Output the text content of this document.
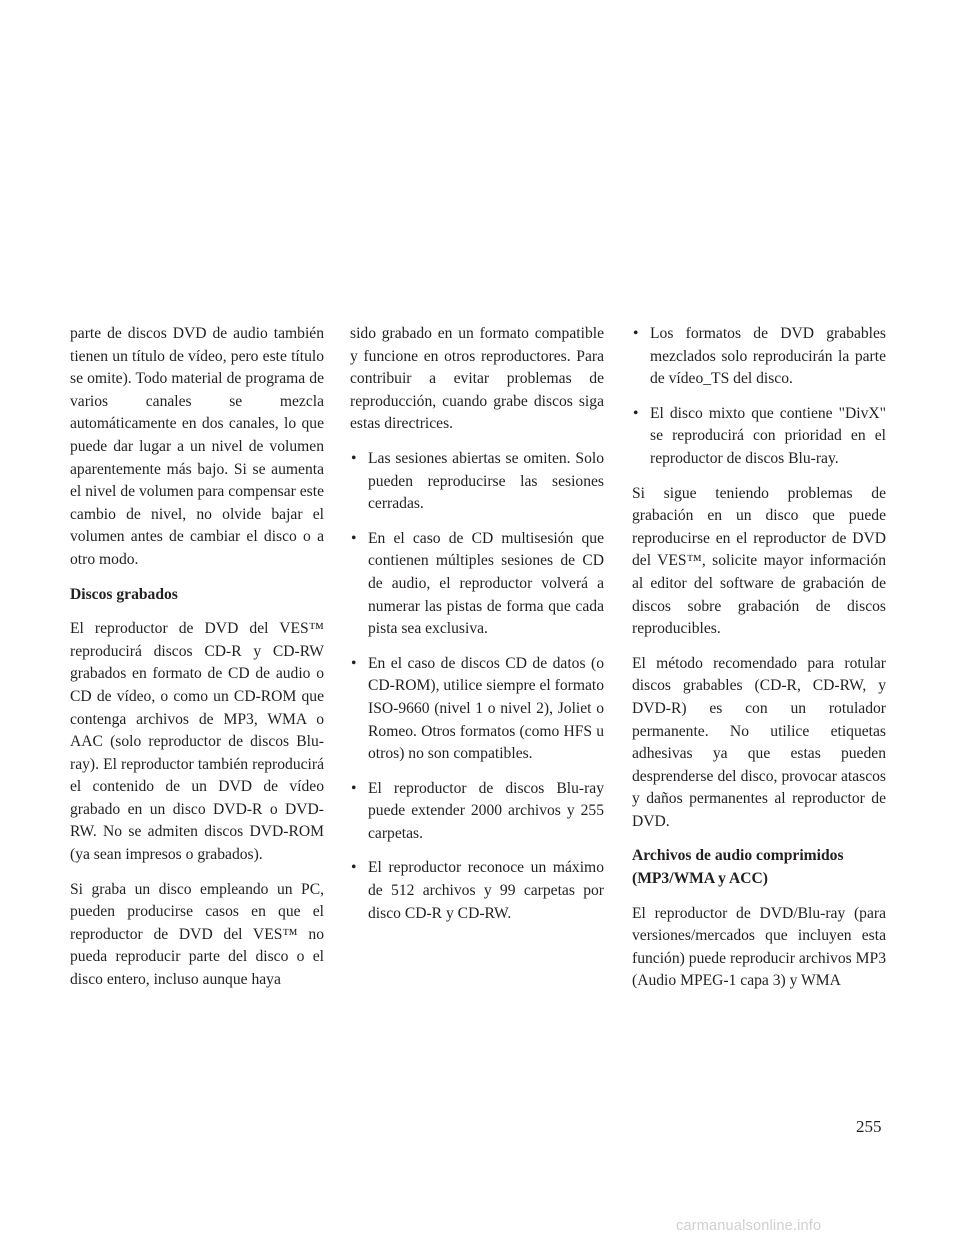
parte de discos DVD de audio también tienen un título de vídeo, pero este título se omite). Todo material de programa de varios canales se mezcla automáticamente en dos canales, lo que puede dar lugar a un nivel de volumen aparentemente más bajo. Si se aumenta el nivel de volumen para compensar este cambio de nivel, no olvide bajar el volumen antes de cambiar el disco o a otro modo.

Discos grabados

El reproductor de DVD del VES™ reproducirá discos CD-R y CD-RW grabados en formato de CD de audio o CD de vídeo, o como un CD-ROM que contenga archivos de MP3, WMA o AAC (solo reproductor de discos Blu-ray). El reproductor también reproducirá el contenido de un DVD de vídeo grabado en un disco DVD-R o DVD-RW. No se admiten discos DVD-ROM (ya sean impresos o grabados).

Si graba un disco empleando un PC, pueden producirse casos en que el reproductor de DVD del VES™ no pueda reproducir parte del disco o el disco entero, incluso aunque haya

sido grabado en un formato compatible y funcione en otros reproductores. Para contribuir a evitar problemas de reproducción, cuando grabe discos siga estas directrices.

• Las sesiones abiertas se omiten. Solo pueden reproducirse las sesiones cerradas.
• En el caso de CD multisesión que contienen múltiples sesiones de CD de audio, el reproductor volverá a numerar las pistas de forma que cada pista sea exclusiva.
• En el caso de discos CD de datos (o CD-ROM), utilice siempre el formato ISO-9660 (nivel 1 o nivel 2), Joliet o Romeo. Otros formatos (como HFS u otros) no son compatibles.
• El reproductor de discos Blu-ray puede extender 2000 archivos y 255 carpetas.
• El reproductor reconoce un máximo de 512 archivos y 99 carpetas por disco CD-R y CD-RW.
• Los formatos de DVD grabables mezclados solo reproducirán la parte de vídeo_TS del disco.
• El disco mixto que contiene "DivX" se reproducirá con prioridad en el reproductor de discos Blu-ray.

Si sigue teniendo problemas de grabación en un disco que puede reproducirse en el reproductor de DVD del VES™, solicite mayor información al editor del software de grabación de discos sobre grabación de discos reproducibles.

El método recomendado para rotular discos grabables (CD-R, CD-RW, y DVD-R) es con un rotulador permanente. No utilice etiquetas adhesivas ya que estas pueden desprenderse del disco, provocar atascos y daños permanentes al reproductor de DVD.

Archivos de audio comprimidos (MP3/WMA y ACC)

El reproductor de DVD/Blu-ray (para versiones/mercados que incluyen esta función) puede reproducir archivos MP3 (Audio MPEG-1 capa 3) y WMA

255
carmanualsonline.info
